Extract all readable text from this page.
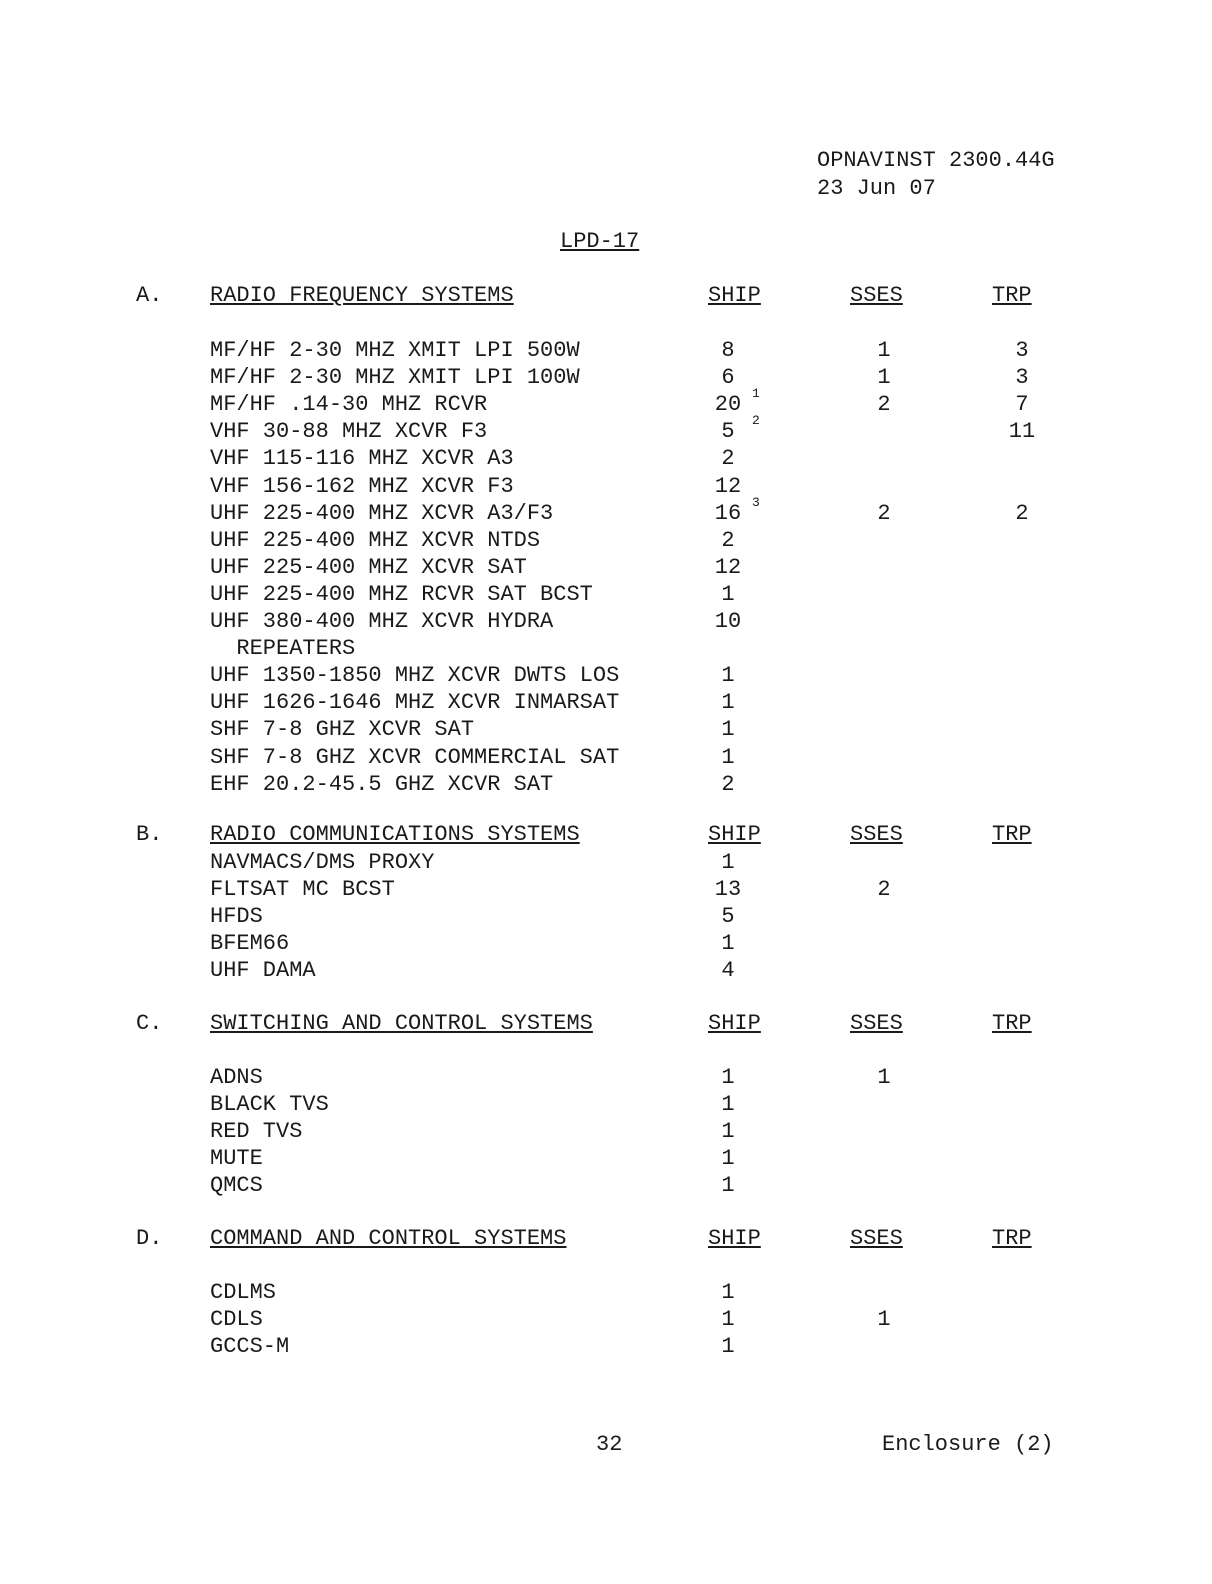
OPNAVINST 2300.44G
23 Jun 07
LPD-17
A. RADIO FREQUENCY SYSTEMS	SHIP	SSES	TRP
MF/HF 2-30 MHZ XMIT LPI 500W	8	1	3
MF/HF 2-30 MHZ XMIT LPI 100W	6	1	3
MF/HF .14-30 MHZ RCVR	20 1	2	7
VHF 30-88 MHZ XCVR F3	5	2	11
VHF 115-116 MHZ XCVR A3	2
VHF 156-162 MHZ XCVR F3	12
UHF 225-400 MHZ XCVR A3/F3	16 3	2	2
UHF 225-400 MHZ XCVR NTDS	2
UHF 225-400 MHZ XCVR SAT	12
UHF 225-400 MHZ RCVR SAT BCST	1
UHF 380-400 MHZ XCVR HYDRA	10
REPEATERS
UHF 1350-1850 MHZ XCVR DWTS LOS	1
UHF 1626-1646 MHZ XCVR INMARSAT	1
SHF 7-8 GHZ XCVR SAT	1
SHF 7-8 GHZ XCVR COMMERCIAL SAT	1
EHF 20.2-45.5 GHZ XCVR SAT	2
B. RADIO COMMUNICATIONS SYSTEMS	SHIP	SSES	TRP
NAVMACS/DMS PROXY	1
FLTSAT MC BCST	13	2
HFDS	5
BFEM66	1
UHF DAMA	4
C. SWITCHING AND CONTROL SYSTEMS	SHIP	SSES	TRP
ADNS	1	1
BLACK TVS	1
RED TVS	1
MUTE	1
QMCS	1
D. COMMAND AND CONTROL SYSTEMS	SHIP	SSES	TRP
CDLMS	1
CDLS	1	1
GCCS-M	1
32	Enclosure (2)
